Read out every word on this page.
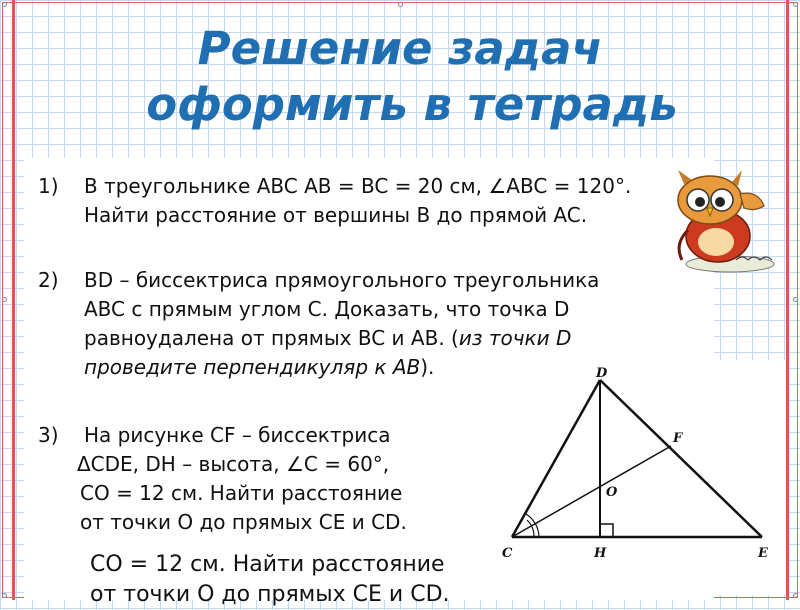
Решение задач
оформить в тетрадь
1) В треугольнике ABC AB = BC = 20 см, ∠ABC = 120°.
Найти расстояние от вершины B до прямой AC.
2) BD – биссектриса прямоугольного треугольника
ABC с прямым углом C. Доказать, что точка D
равноудалена от прямых BC и AB. (из точки D
проведите перпендикуляр к AB).
3) На рисунке CF – биссектриса
ΔCDE, DH – высота, ∠C = 60°,
CO = 12 см. Найти расстояние
от точки O до прямых CE и CD.
D
F
O
C	H	E
CO = 12 см. Найти расстояние
от точки O до прямых CE и CD.
